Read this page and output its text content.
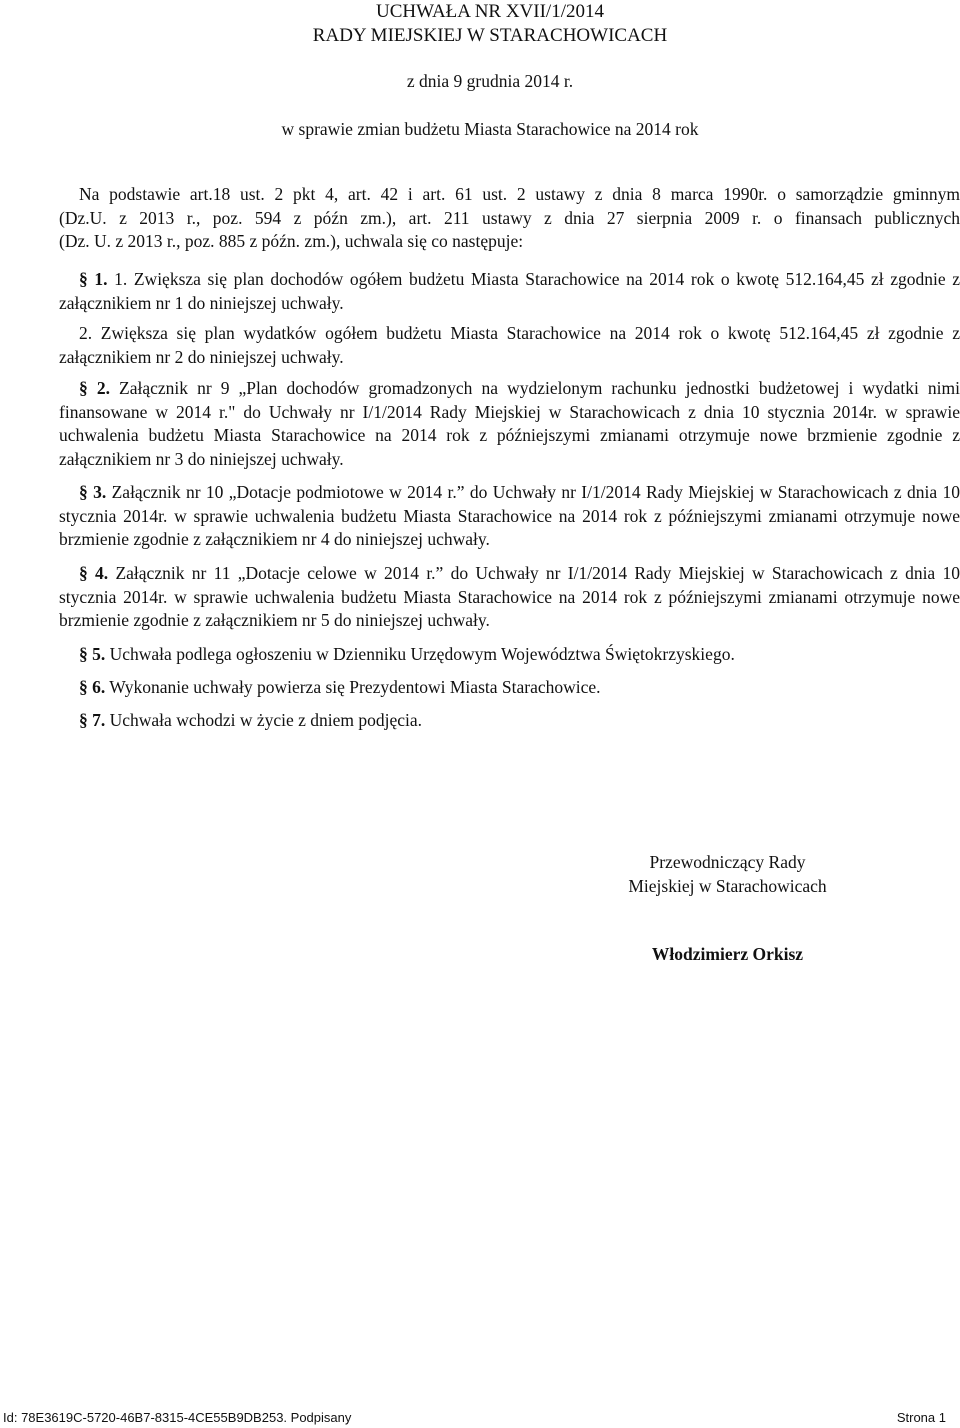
UCHWAŁA NR XVII/1/2014
RADY MIEJSKIEJ W STARACHOWICACH
z dnia 9 grudnia 2014 r.
w sprawie zmian budżetu Miasta Starachowice na 2014 rok
Na podstawie art.18 ust. 2 pkt 4, art. 42 i art. 61 ust. 2 ustawy z dnia 8 marca 1990r. o samorządzie gminnym
(Dz.U. z 2013 r., poz. 594 z późn zm.), art. 211 ustawy z dnia 27 sierpnia 2009 r. o finansach publicznych
(Dz. U. z 2013 r., poz. 885 z późn. zm.), uchwala się co następuje:

§ 1. 1. Zwiększa się plan dochodów ogółem budżetu Miasta Starachowice na 2014 rok o kwotę 512.164,45 zł zgodnie z załącznikiem nr 1 do niniejszej uchwały.

2. Zwiększa się plan wydatków ogółem budżetu Miasta Starachowice na 2014 rok o kwotę 512.164,45 zł zgodnie z załącznikiem nr 2 do niniejszej uchwały.

§ 2. Załącznik nr 9 „Plan dochodów gromadzonych na wydzielonym rachunku jednostki budżetowej i wydatki nimi finansowane w 2014 r." do Uchwały nr I/1/2014 Rady Miejskiej w Starachowicach z dnia 10 stycznia 2014r. w sprawie uchwalenia budżetu Miasta Starachowice na 2014 rok z późniejszymi zmianami otrzymuje nowe brzmienie zgodnie z załącznikiem nr 3 do niniejszej uchwały.

§ 3. Załącznik nr 10 „Dotacje podmiotowe w 2014 r.” do Uchwały nr I/1/2014 Rady Miejskiej w Starachowicach z dnia 10 stycznia 2014r. w sprawie uchwalenia budżetu Miasta Starachowice na 2014 rok z późniejszymi zmianami otrzymuje nowe brzmienie zgodnie z załącznikiem nr 4 do niniejszej uchwały.

§ 4. Załącznik nr 11 „Dotacje celowe w 2014 r.” do Uchwały nr I/1/2014 Rady Miejskiej w Starachowicach z dnia 10 stycznia 2014r. w sprawie uchwalenia budżetu Miasta Starachowice na 2014 rok z późniejszymi zmianami otrzymuje nowe brzmienie zgodnie z załącznikiem nr 5 do niniejszej uchwały.

§ 5. Uchwała podlega ogłoszeniu w Dzienniku Urzędowym Województwa Świętokrzyskiego.

§ 6. Wykonanie uchwały powierza się Prezydentowi Miasta Starachowice.

§ 7. Uchwała wchodzi w życie z dniem podjęcia.

Przewodniczący Rady
Miejskiej w Starachowicach
Włodzimierz Orkisz
Id: 78E3619C-5720-46B7-8315-4CE55B9DB253. Podpisany	Strona 1
